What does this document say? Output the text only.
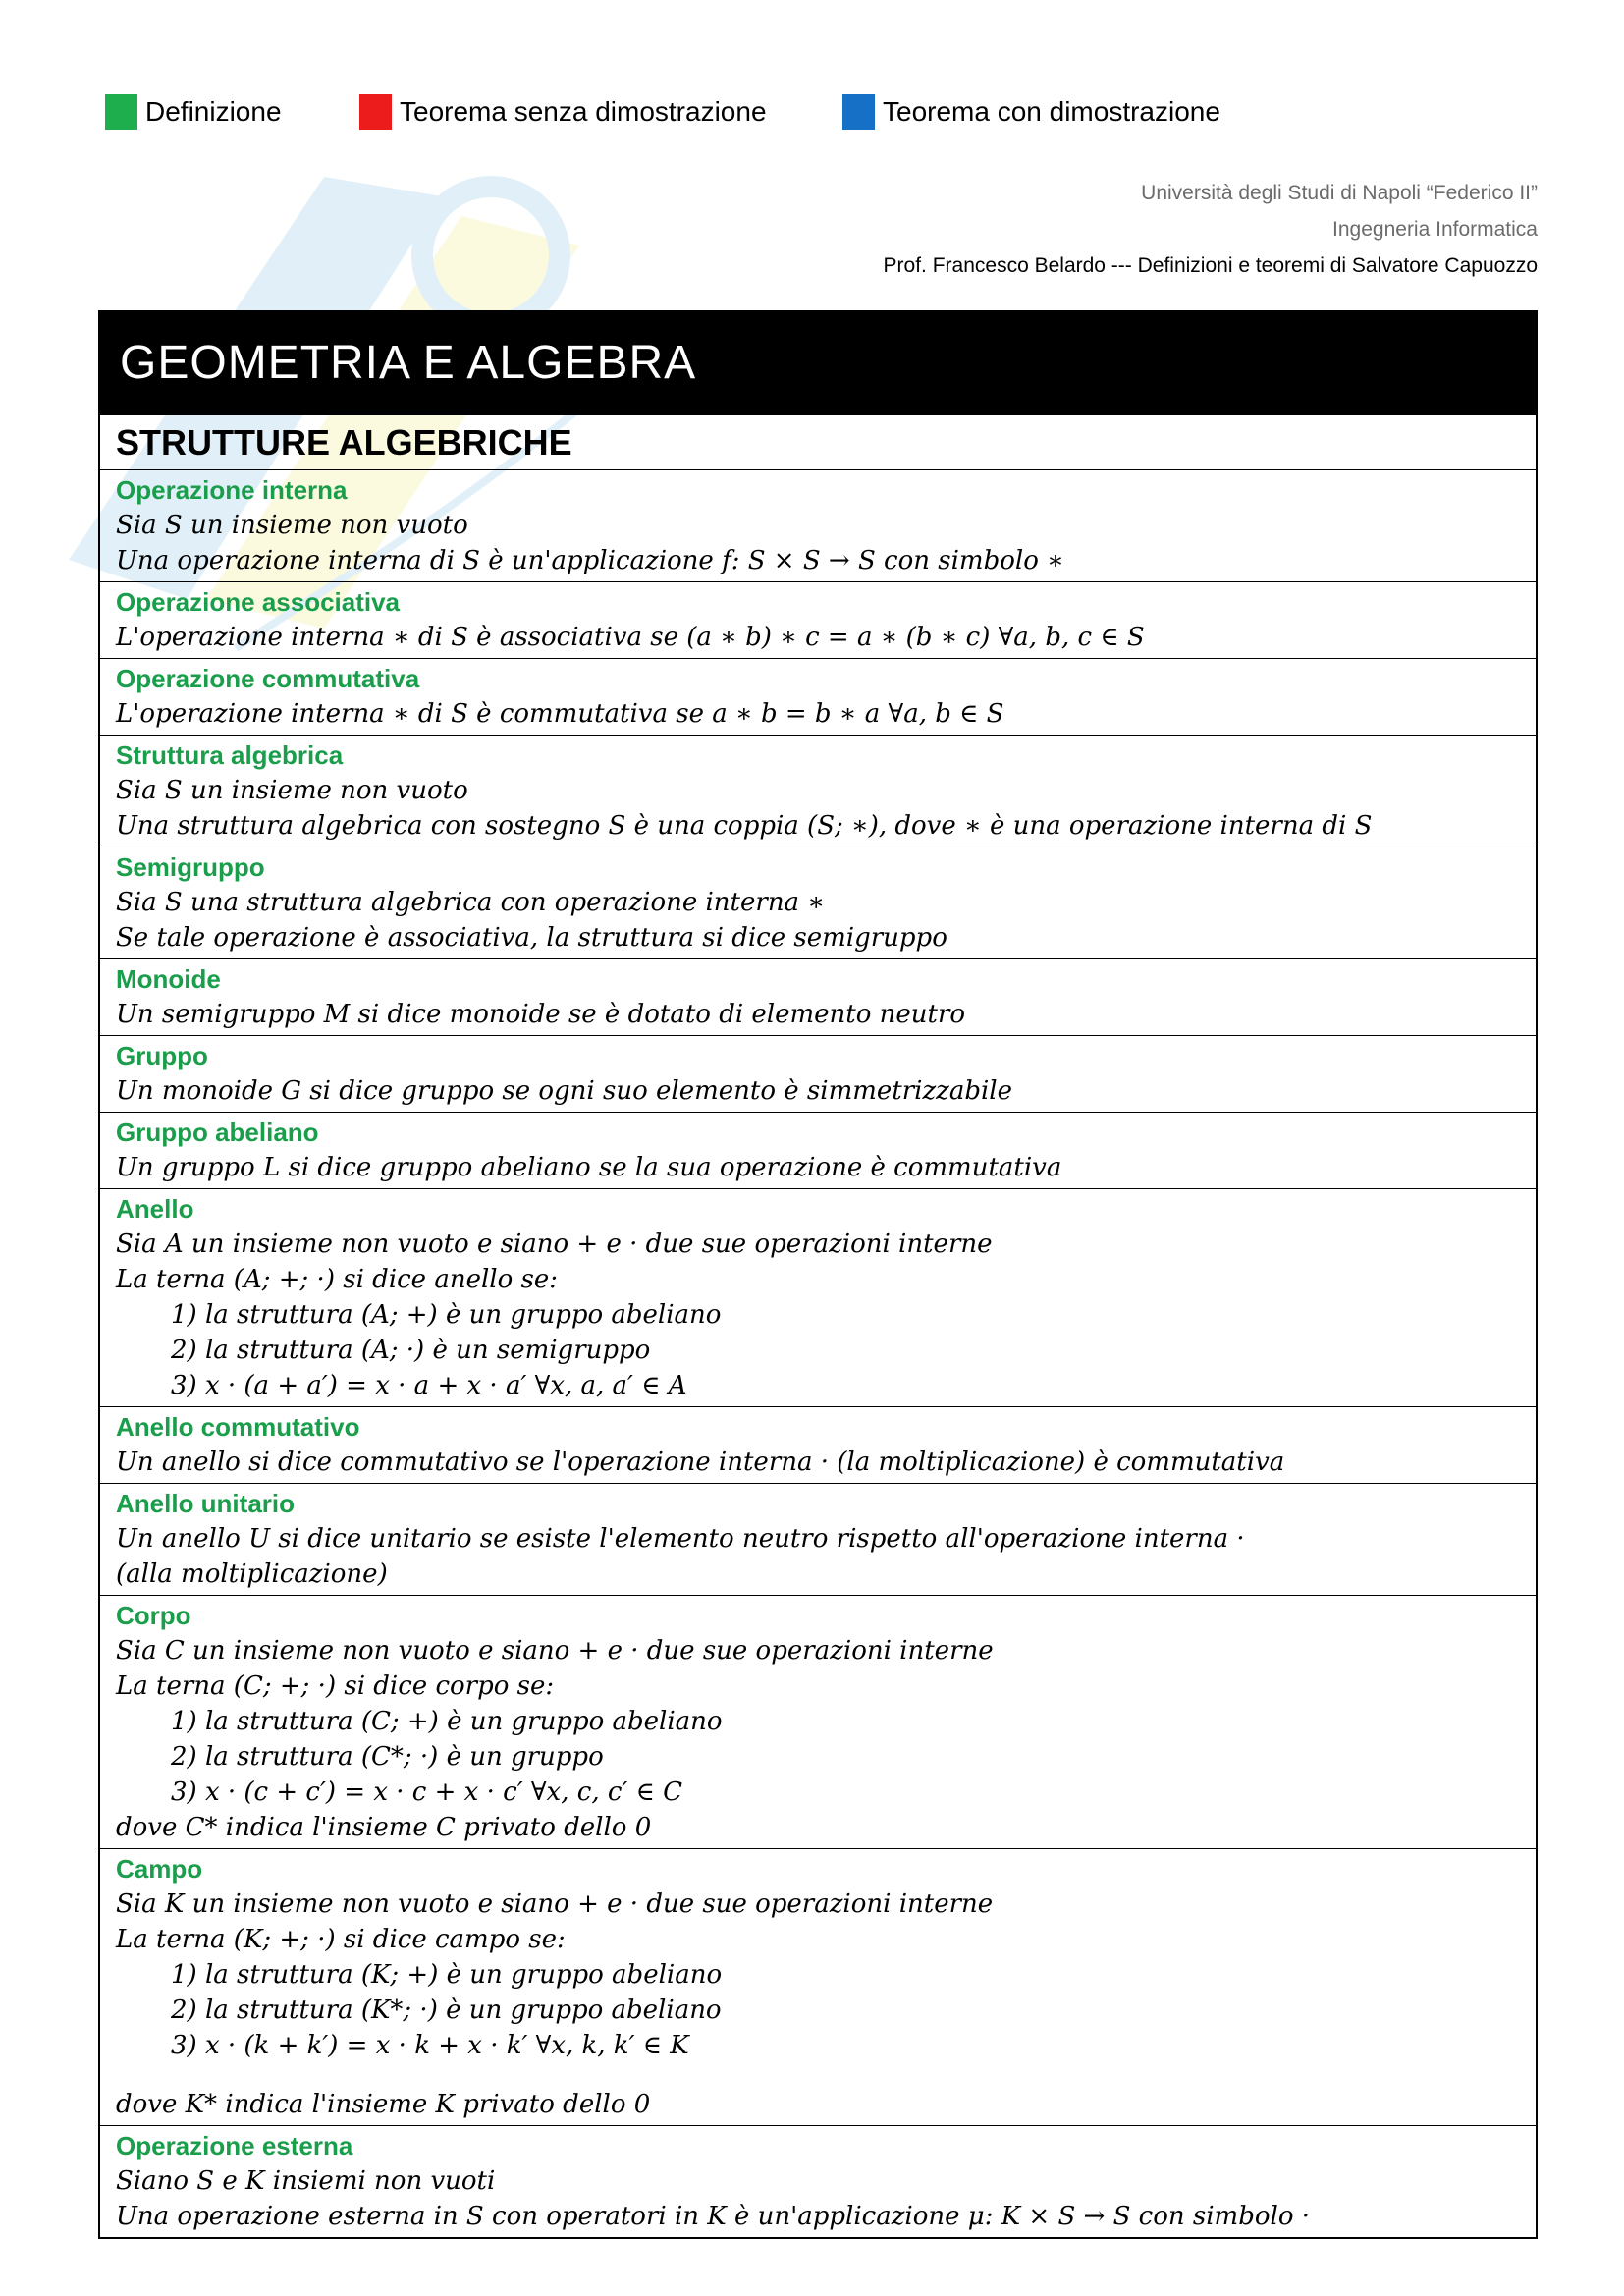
Definizione	Teorema senza dimostrazione	Teorema con dimostrazione
Università degli Studi di Napoli “Federico II”
Ingegneria Informatica
Prof. Francesco Belardo --- Definizioni e teoremi di Salvatore Capuozzo
GEOMETRIA E ALGEBRA
STRUTTURE ALGEBRICHE
Operazione interna
Sia S un insieme non vuoto
Una operazione interna di S è un'applicazione f: S × S → S con simbolo ∗
Operazione associativa
L'operazione interna ∗ di S è associativa se (a ∗ b) ∗ c = a ∗ (b ∗ c) ∀a, b, c ∈ S
Operazione commutativa
L'operazione interna ∗ di S è commutativa se a ∗ b = b ∗ a ∀a, b ∈ S
Struttura algebrica
Sia S un insieme non vuoto
Una struttura algebrica con sostegno S è una coppia (S; ∗), dove ∗ è una operazione interna di S
Semigruppo
Sia S una struttura algebrica con operazione interna ∗
Se tale operazione è associativa, la struttura si dice semigruppo
Monoide
Un semigruppo M si dice monoide se è dotato di elemento neutro
Gruppo
Un monoide G si dice gruppo se ogni suo elemento è simmetrizzabile
Gruppo abeliano
Un gruppo L si dice gruppo abeliano se la sua operazione è commutativa
Anello
Sia A un insieme non vuoto e siano + e · due sue operazioni interne
La terna (A; +; ·) si dice anello se:
1) la struttura (A; +) è un gruppo abeliano
2) la struttura (A; ·) è un semigruppo
3) x · (a + a′) = x · a + x · a′ ∀x, a, a′ ∈ A
Anello commutativo
Un anello si dice commutativo se l'operazione interna · (la moltiplicazione) è commutativa
Anello unitario
Un anello U si dice unitario se esiste l'elemento neutro rispetto all'operazione interna ·
(alla moltiplicazione)
Corpo
Sia C un insieme non vuoto e siano + e · due sue operazioni interne
La terna (C; +; ·) si dice corpo se:
1) la struttura (C; +) è un gruppo abeliano
2) la struttura (C*; ·) è un gruppo
3) x · (c + c′) = x · c + x · c′ ∀x, c, c′ ∈ C
dove C* indica l'insieme C privato dello 0
Campo
Sia K un insieme non vuoto e siano + e · due sue operazioni interne
La terna (K; +; ·) si dice campo se:
1) la struttura (K; +) è un gruppo abeliano
2) la struttura (K*; ·) è un gruppo abeliano
3) x · (k + k′) = x · k + x · k′ ∀x, k, k′ ∈ K
dove K* indica l'insieme K privato dello 0
Operazione esterna
Siano S e K insiemi non vuoti
Una operazione esterna in S con operatori in K è un'applicazione μ: K × S → S con simbolo ·
